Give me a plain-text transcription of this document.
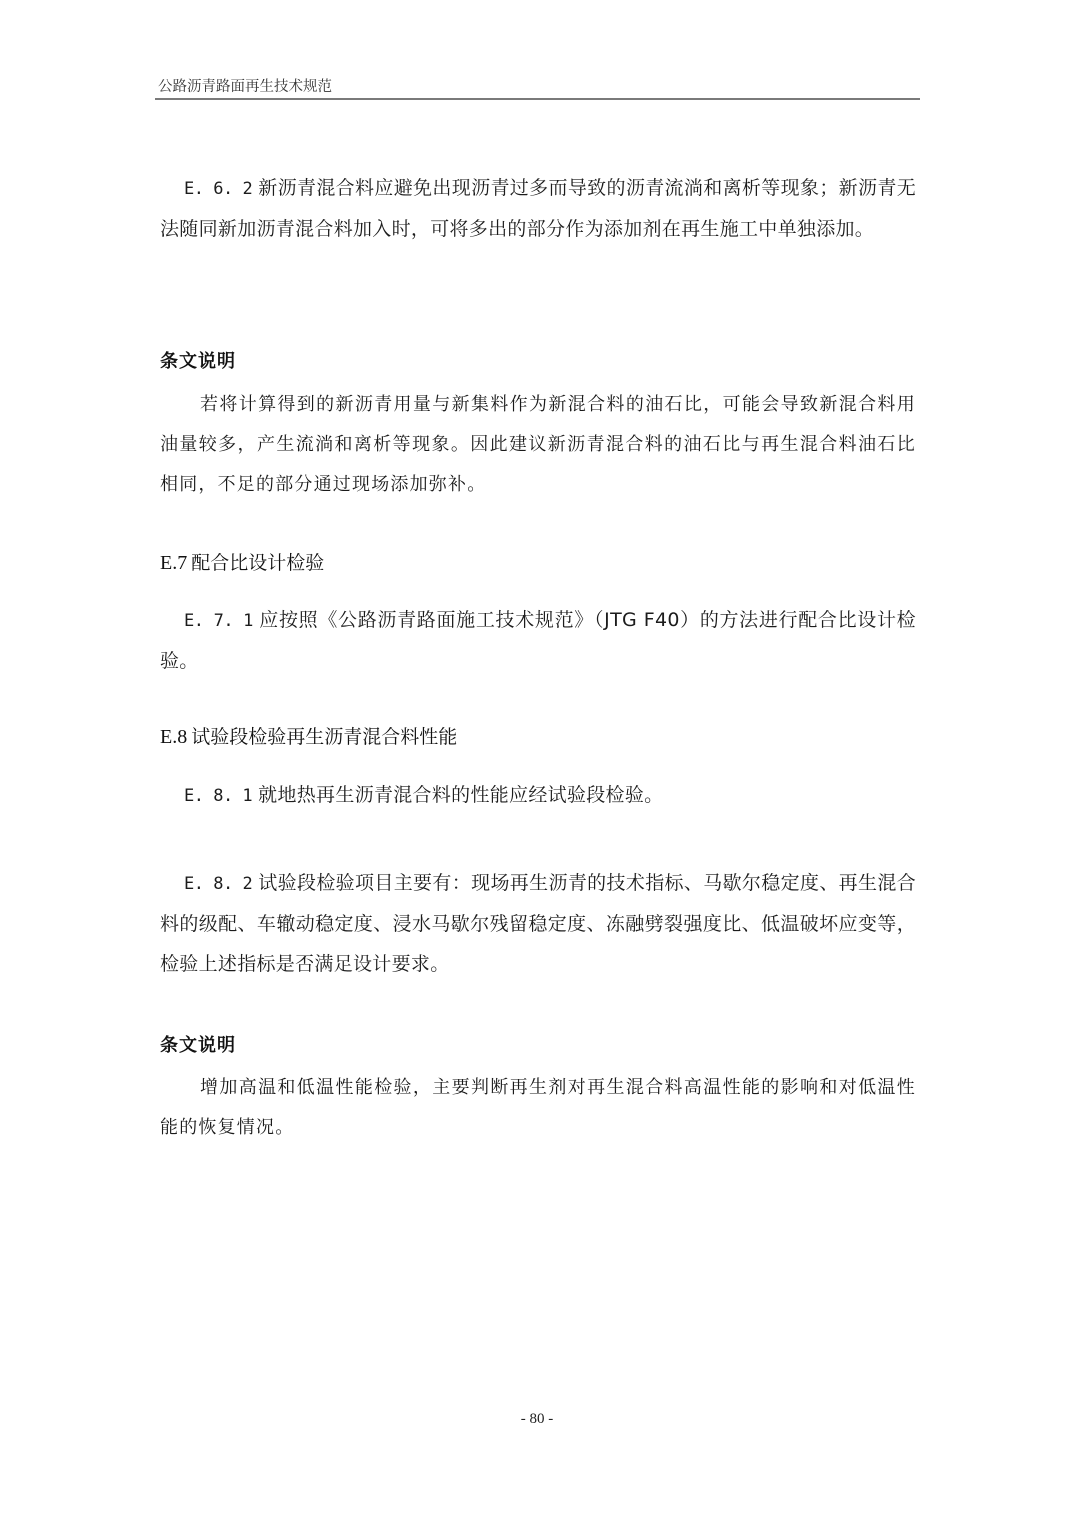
公路沥青路面再生技术规范

E. 6. 2 新沥青混合料应避免出现沥青过多而导致的沥青流淌和离析等现象；新沥青无法随同新加沥青混合料加入时，可将多出的部分作为添加剂在再生施工中单独添加。

条文说明

若将计算得到的新沥青用量与新集料作为新混合料的油石比，可能会导致新混合料用油量较多，产生流淌和离析等现象。因此建议新沥青混合料的油石比与再生混合料油石比相同，不足的部分通过现场添加弥补。

E.7 配合比设计检验

E. 7. 1 应按照《公路沥青路面施工技术规范》（JTG F40）的方法进行配合比设计检验。

E.8 试验段检验再生沥青混合料性能

E. 8. 1 就地热再生沥青混合料的性能应经试验段检验。

E. 8. 2 试验段检验项目主要有：现场再生沥青的技术指标、马歇尔稳定度、再生混合料的级配、车辙动稳定度、浸水马歇尔残留稳定度、冻融劈裂强度比、低温破坏应变等，检验上述指标是否满足设计要求。

条文说明

增加高温和低温性能检验，主要判断再生剂对再生混合料高温性能的影响和对低温性能的恢复情况。

- 80 -
